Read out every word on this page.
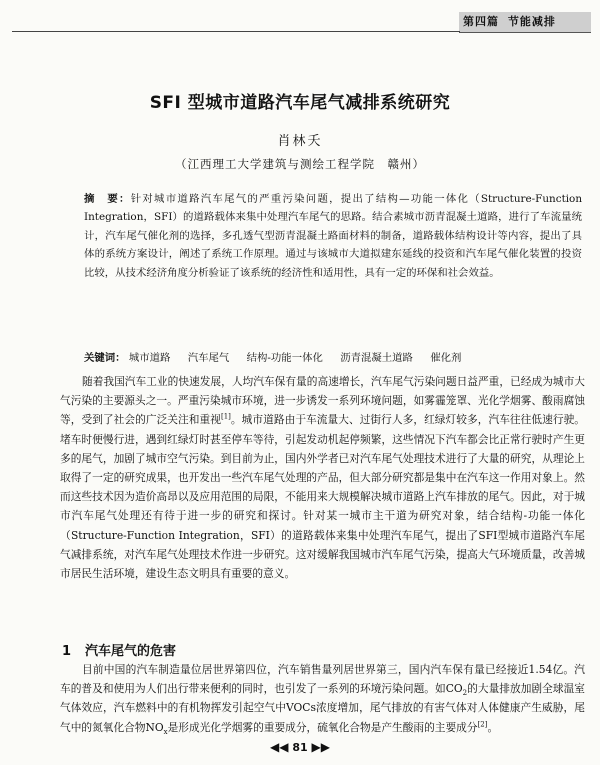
第四篇 节能减排
SFI 型城市道路汽车尾气减排系统研究
肖林夭
（江西理工大学建筑与测绘工程学院　赣州）
摘　要：针对城市道路汽车尾气的严重污染问题，提出了结构—功能一体化（Structure-Function Integration，SFI）的道路载体来集中处理汽车尾气的思路。结合素城市沥青混凝土道路，进行了车流量统计，汽车尾气催化剂的选择，多孔透气型沥青混凝土路面材料的制备，道路载体结构设计等内容，提出了具体的系统方案设计，阐述了系统工作原理。通过与该城市大道拟建东延线的投资和汽车尾气催化装置的投资比较，从技术经济角度分析验证了该系统的经济性和适用性，具有一定的环保和社会效益。
关键词： 城市道路 汽车尾气 结构-功能一体化 沥青混凝土道路 催化剂
随着我国汽车工业的快速发展，人均汽车保有量的高速增长，汽车尾气污染问题日益严重，已经成为城市大气污染的主要源头之一。严重污染城市环境，进一步诱发一系列环境问题，如雾霾笼罩、光化学烟雾、酸雨腐蚀等，受到了社会的广泛关注和重视[1]。城市道路由于车流量大、过街行人多，红绿灯较多，汽车往往低速行驶。堵车时便慢行进，遇到红绿灯时甚至停车等待，引起发动机起停频繁，这些情况下汽车都会比正常行驶时产生更多的尾气，加剧了城市空气污染。到目前为止，国内外学者已对汽车尾气处理技术进行了大量的研究，从理论上取得了一定的研究成果，也开发出一些汽车尾气处理的产品，但大部分研究都是集中在汽车这一作用对象上。然而这些技术因为造价高昂以及应用范围的局限，不能用来大规模解决城市道路上汽车排放的尾气。因此，对于城市汽车尾气处理还有待于进一步的研究和探讨。针对某一城市主干道为研究对象，结合结构-功能一体化（Structure-Function Integration，SFI）的道路载体来集中处理汽车尾气，提出了SFI型城市道路汽车尾气减排系统，对汽车尾气处理技术作进一步研究。这对缓解我国城市汽车尾气污染，提高大气环境质量，改善城市居民生活环境，建设生态文明具有重要的意义。
1 汽车尾气的危害
目前中国的汽车制造量位居世界第四位，汽车销售量列居世界第三，国内汽车保有量已经接近1.54亿。汽车的普及和使用为人们出行带来便利的同时，也引发了一系列的环境污染问题。如$CO_2$的大量排放加剧全球温室气体效应，汽车燃料中的有机物挥发引起空气中VOCs浓度增加，尾气排放的有害气体对人体健康产生威胁，尾气中的氮氧化合物$NO_x$是形成光化学烟雾的重要成分，硫氧化合物是产生酸雨的主要成分[2]。
◀◀ 81 ▶▶
